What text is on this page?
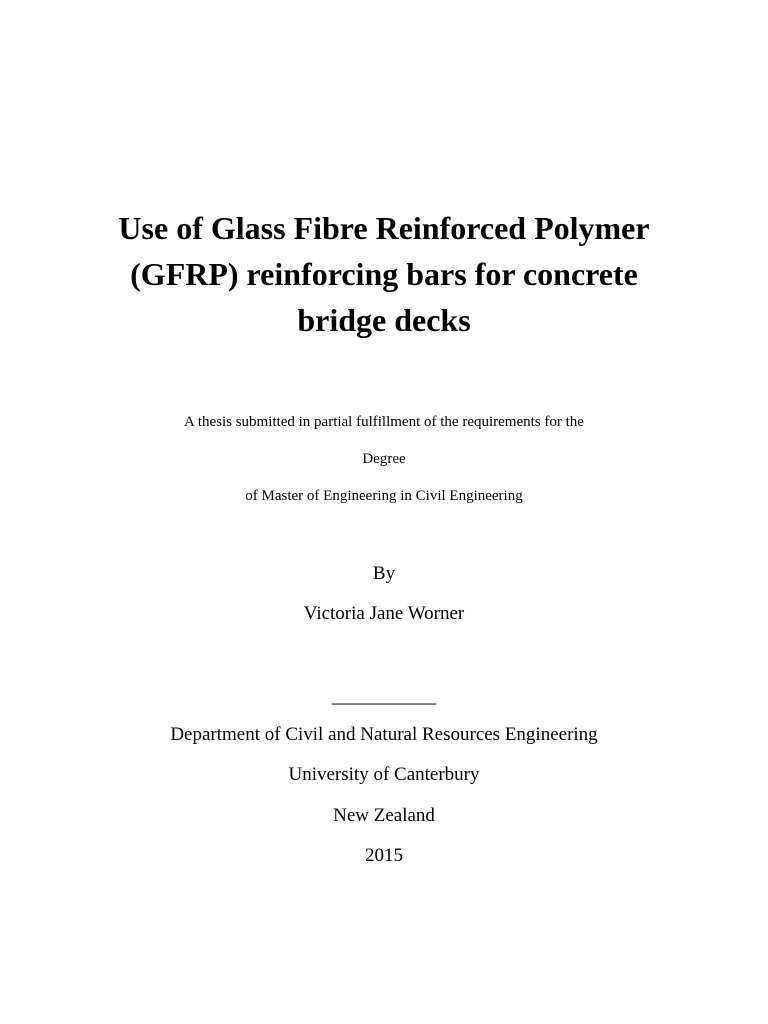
Use of Glass Fibre Reinforced Polymer
(GFRP) reinforcing bars for concrete
bridge decks
A thesis submitted in partial fulfillment of the requirements for the
Degree
of Master of Engineering in Civil Engineering
By
Victoria Jane Worner
___________
Department of Civil and Natural Resources Engineering
University of Canterbury
New Zealand
2015
